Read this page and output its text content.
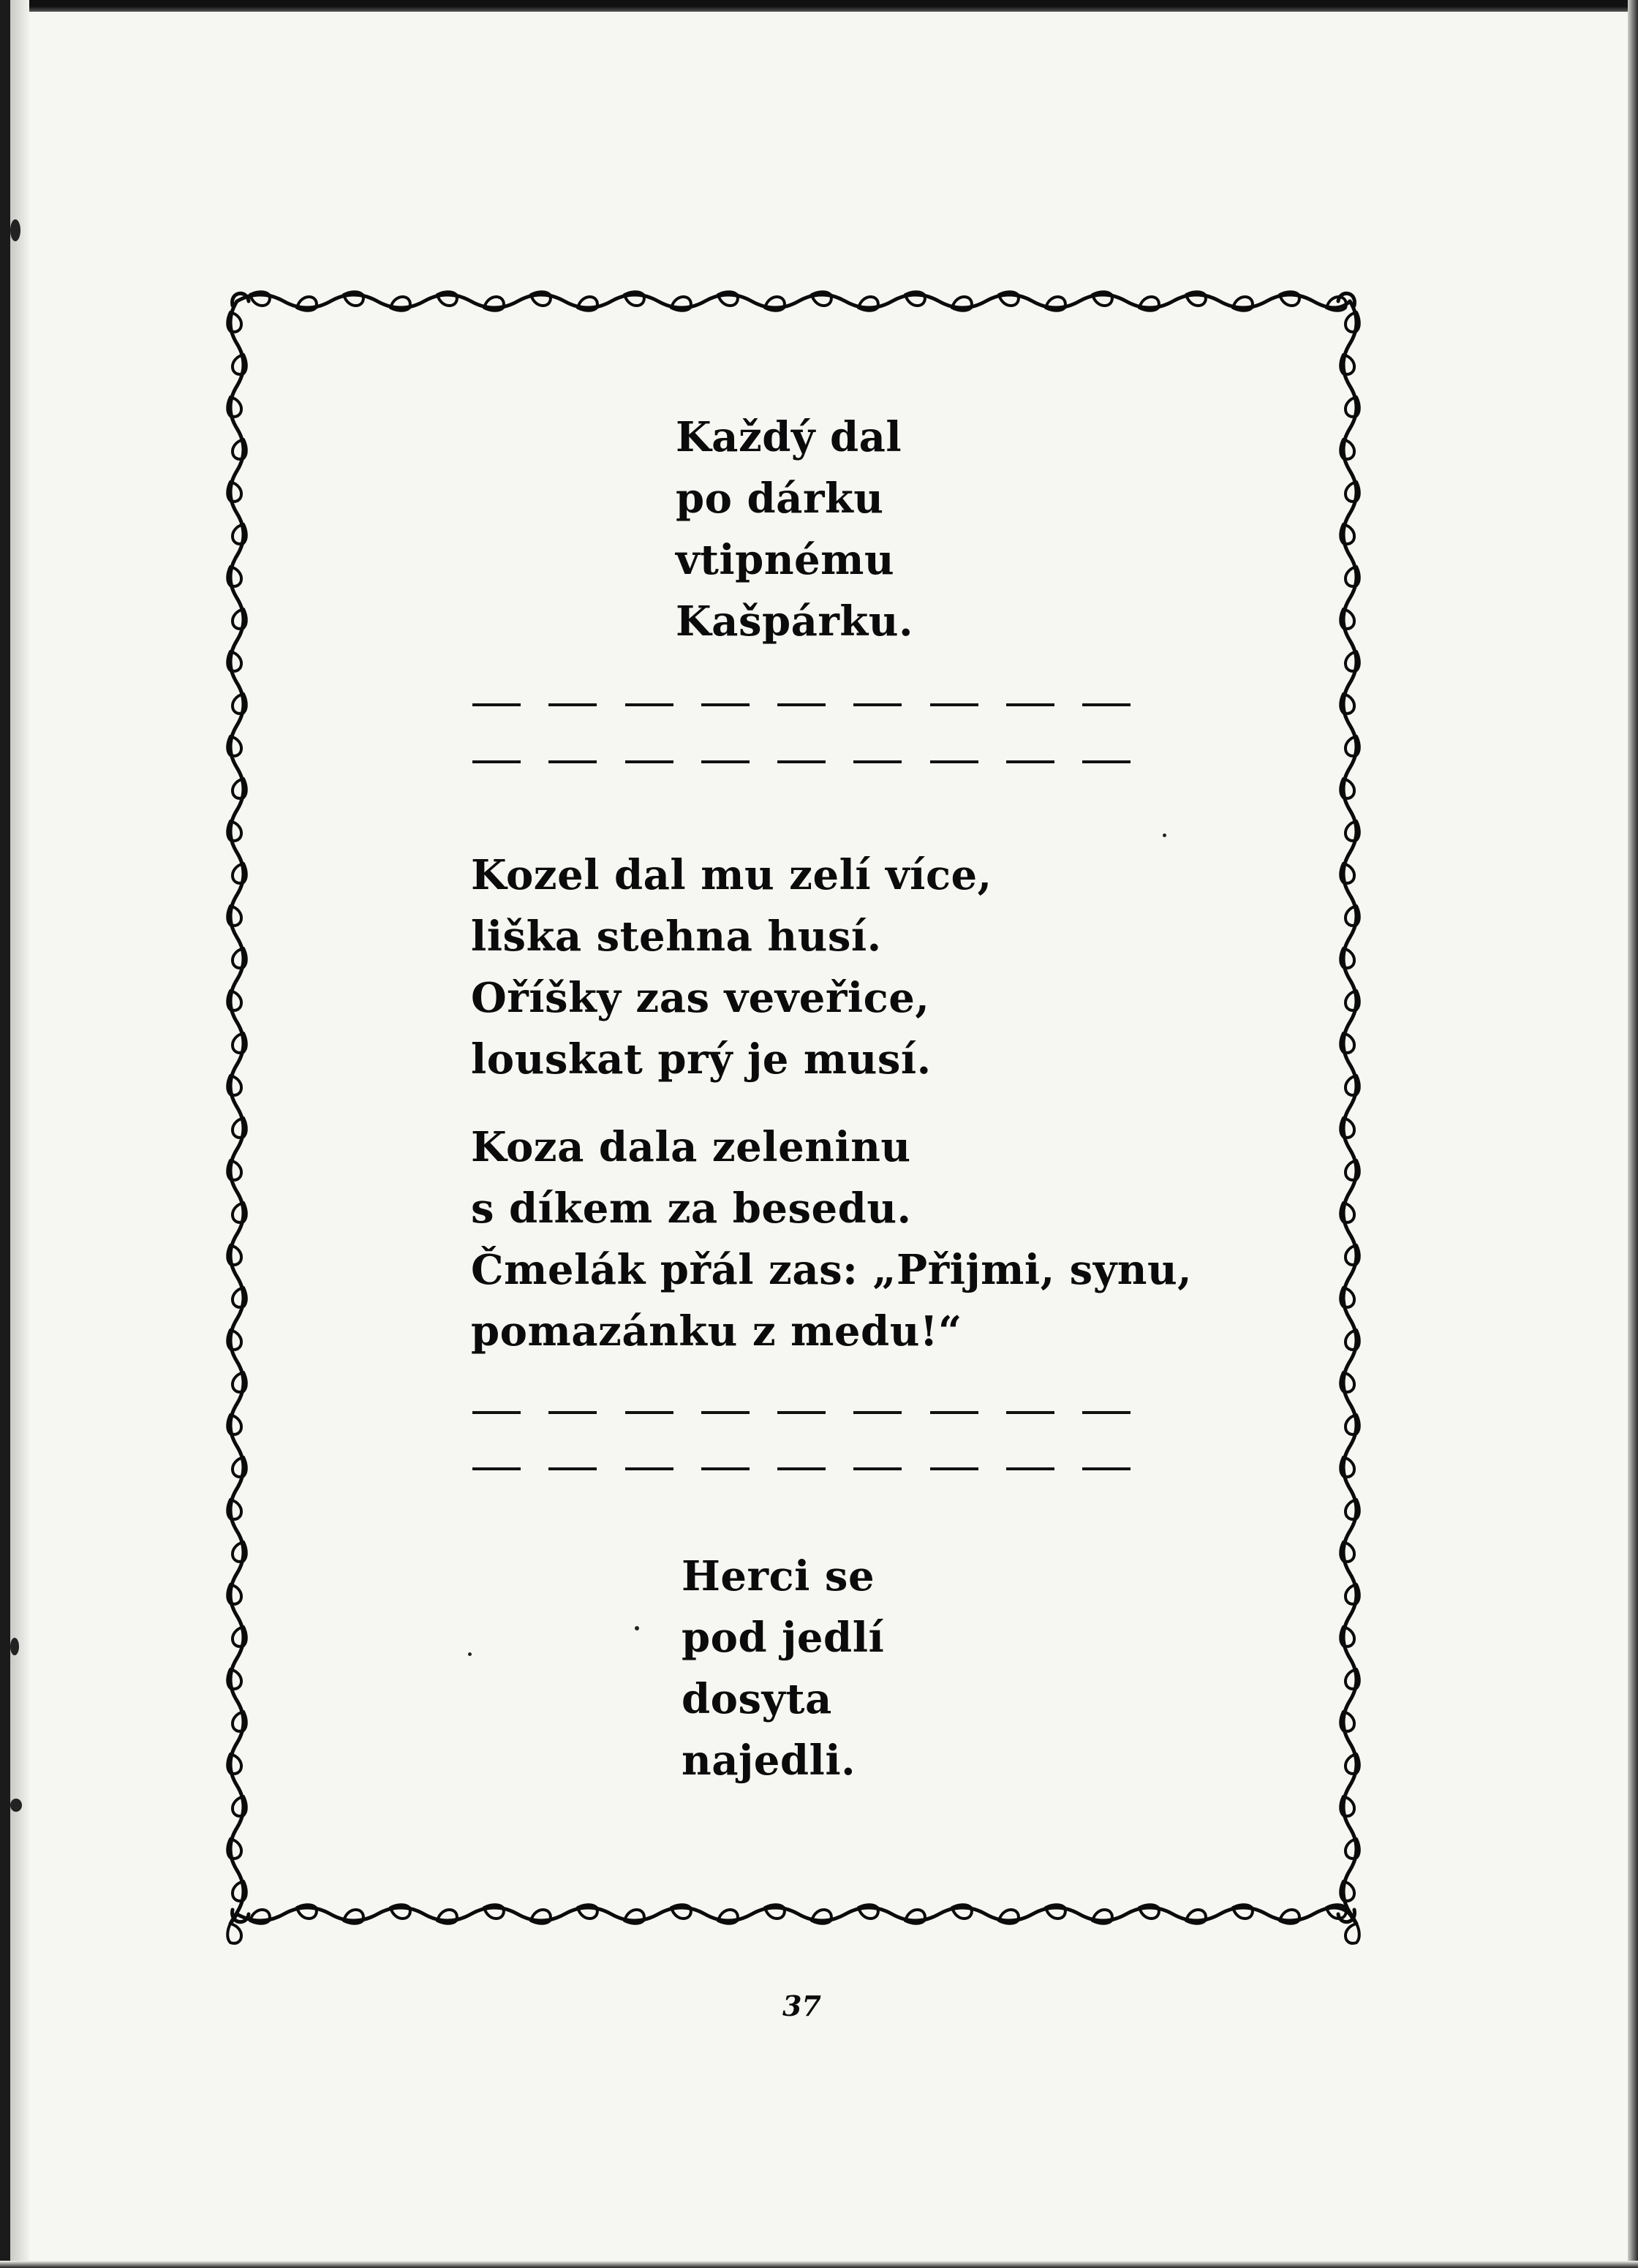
Každý dal
po dárku
vtipnému
Kašpárku.
Kozel dal mu zelí více,
liška stehna husí.
Oříšky zas veveřice,
louskat prý je musí.
Koza dala zeleninu
s díkem za besedu.
Čmelák přál zas: „Přijmi, synu,
pomazánku z medu!“
Herci se
pod jedlí
dosyta
najedli.
37
